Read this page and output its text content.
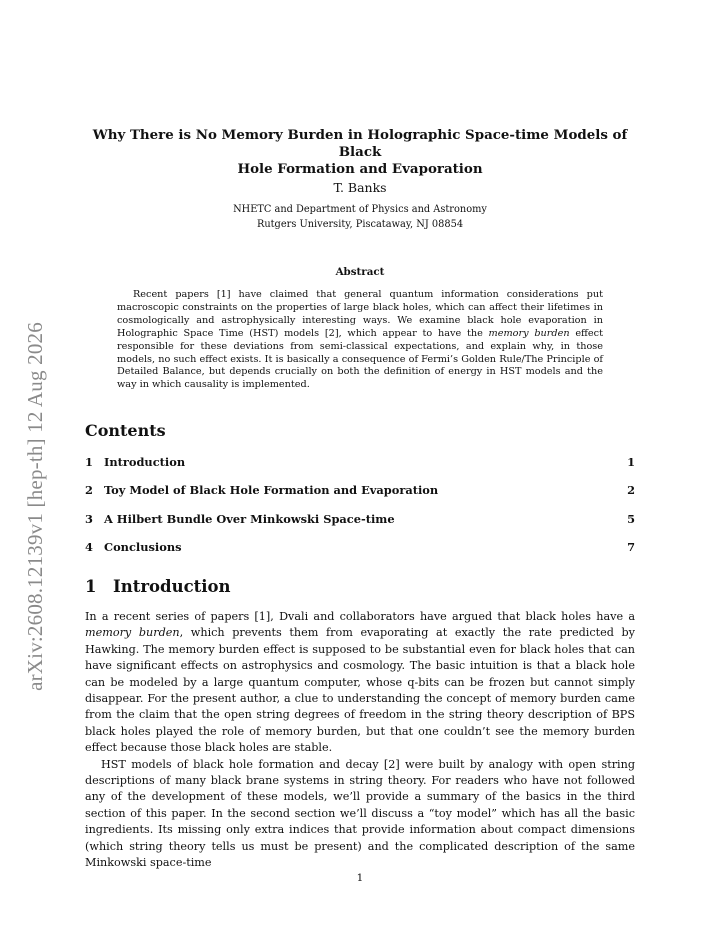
arXiv:2608.12139v1 [hep-th] 12 Aug 2026
Why There is No Memory Burden in Holographic Space-time Models of Black
Hole Formation and Evaporation
T. Banks
NHETC and Department of Physics and Astronomy
Rutgers University, Piscataway, NJ 08854
Abstract

Recent papers [1] have claimed that general quantum information considerations put macroscopic constraints on the properties of large black holes, which can affect their lifetimes in cosmologically and astrophysically interesting ways. We examine black hole evaporation in Holographic Space Time (HST) models [2], which appear to have the memory burden effect responsible for these deviations from semi-classical expectations, and explain why, in those models, no such effect exists. It is basically a consequence of Fermi’s Golden Rule/The Principle of Detailed Balance, but depends crucially on both the definition of energy in HST models and the way in which causality is implemented.

Contents
1 Introduction	1
2 Toy Model of Black Hole Formation and Evaporation	2
3 A Hilbert Bundle Over Minkowski Space-time	5
4 Conclusions	7
1 Introduction

In a recent series of papers [1], Dvali and collaborators have argued that black holes have a memory burden, which prevents them from evaporating at exactly the rate predicted by Hawking. The memory burden effect is supposed to be substantial even for black holes that can have significant effects on astrophysics and cosmology. The basic intuition is that a black hole can be modeled by a large quantum computer, whose q-bits can be frozen but cannot simply disappear. For the present author, a clue to understanding the concept of memory burden came from the claim that the open string degrees of freedom in the string theory description of BPS black holes played the role of memory burden, but that one couldn’t see the memory burden effect because those black holes are stable.

HST models of black hole formation and decay [2] were built by analogy with open string descriptions of many black brane systems in string theory. For readers who have not followed any of the development of these models, we’ll provide a summary of the basics in the third section of this paper. In the second section we’ll discuss a “toy model” which has all the basic ingredients. Its missing only extra indices that provide information about compact dimensions (which string theory tells us must be present) and the complicated description of the same Minkowski space-time

1
